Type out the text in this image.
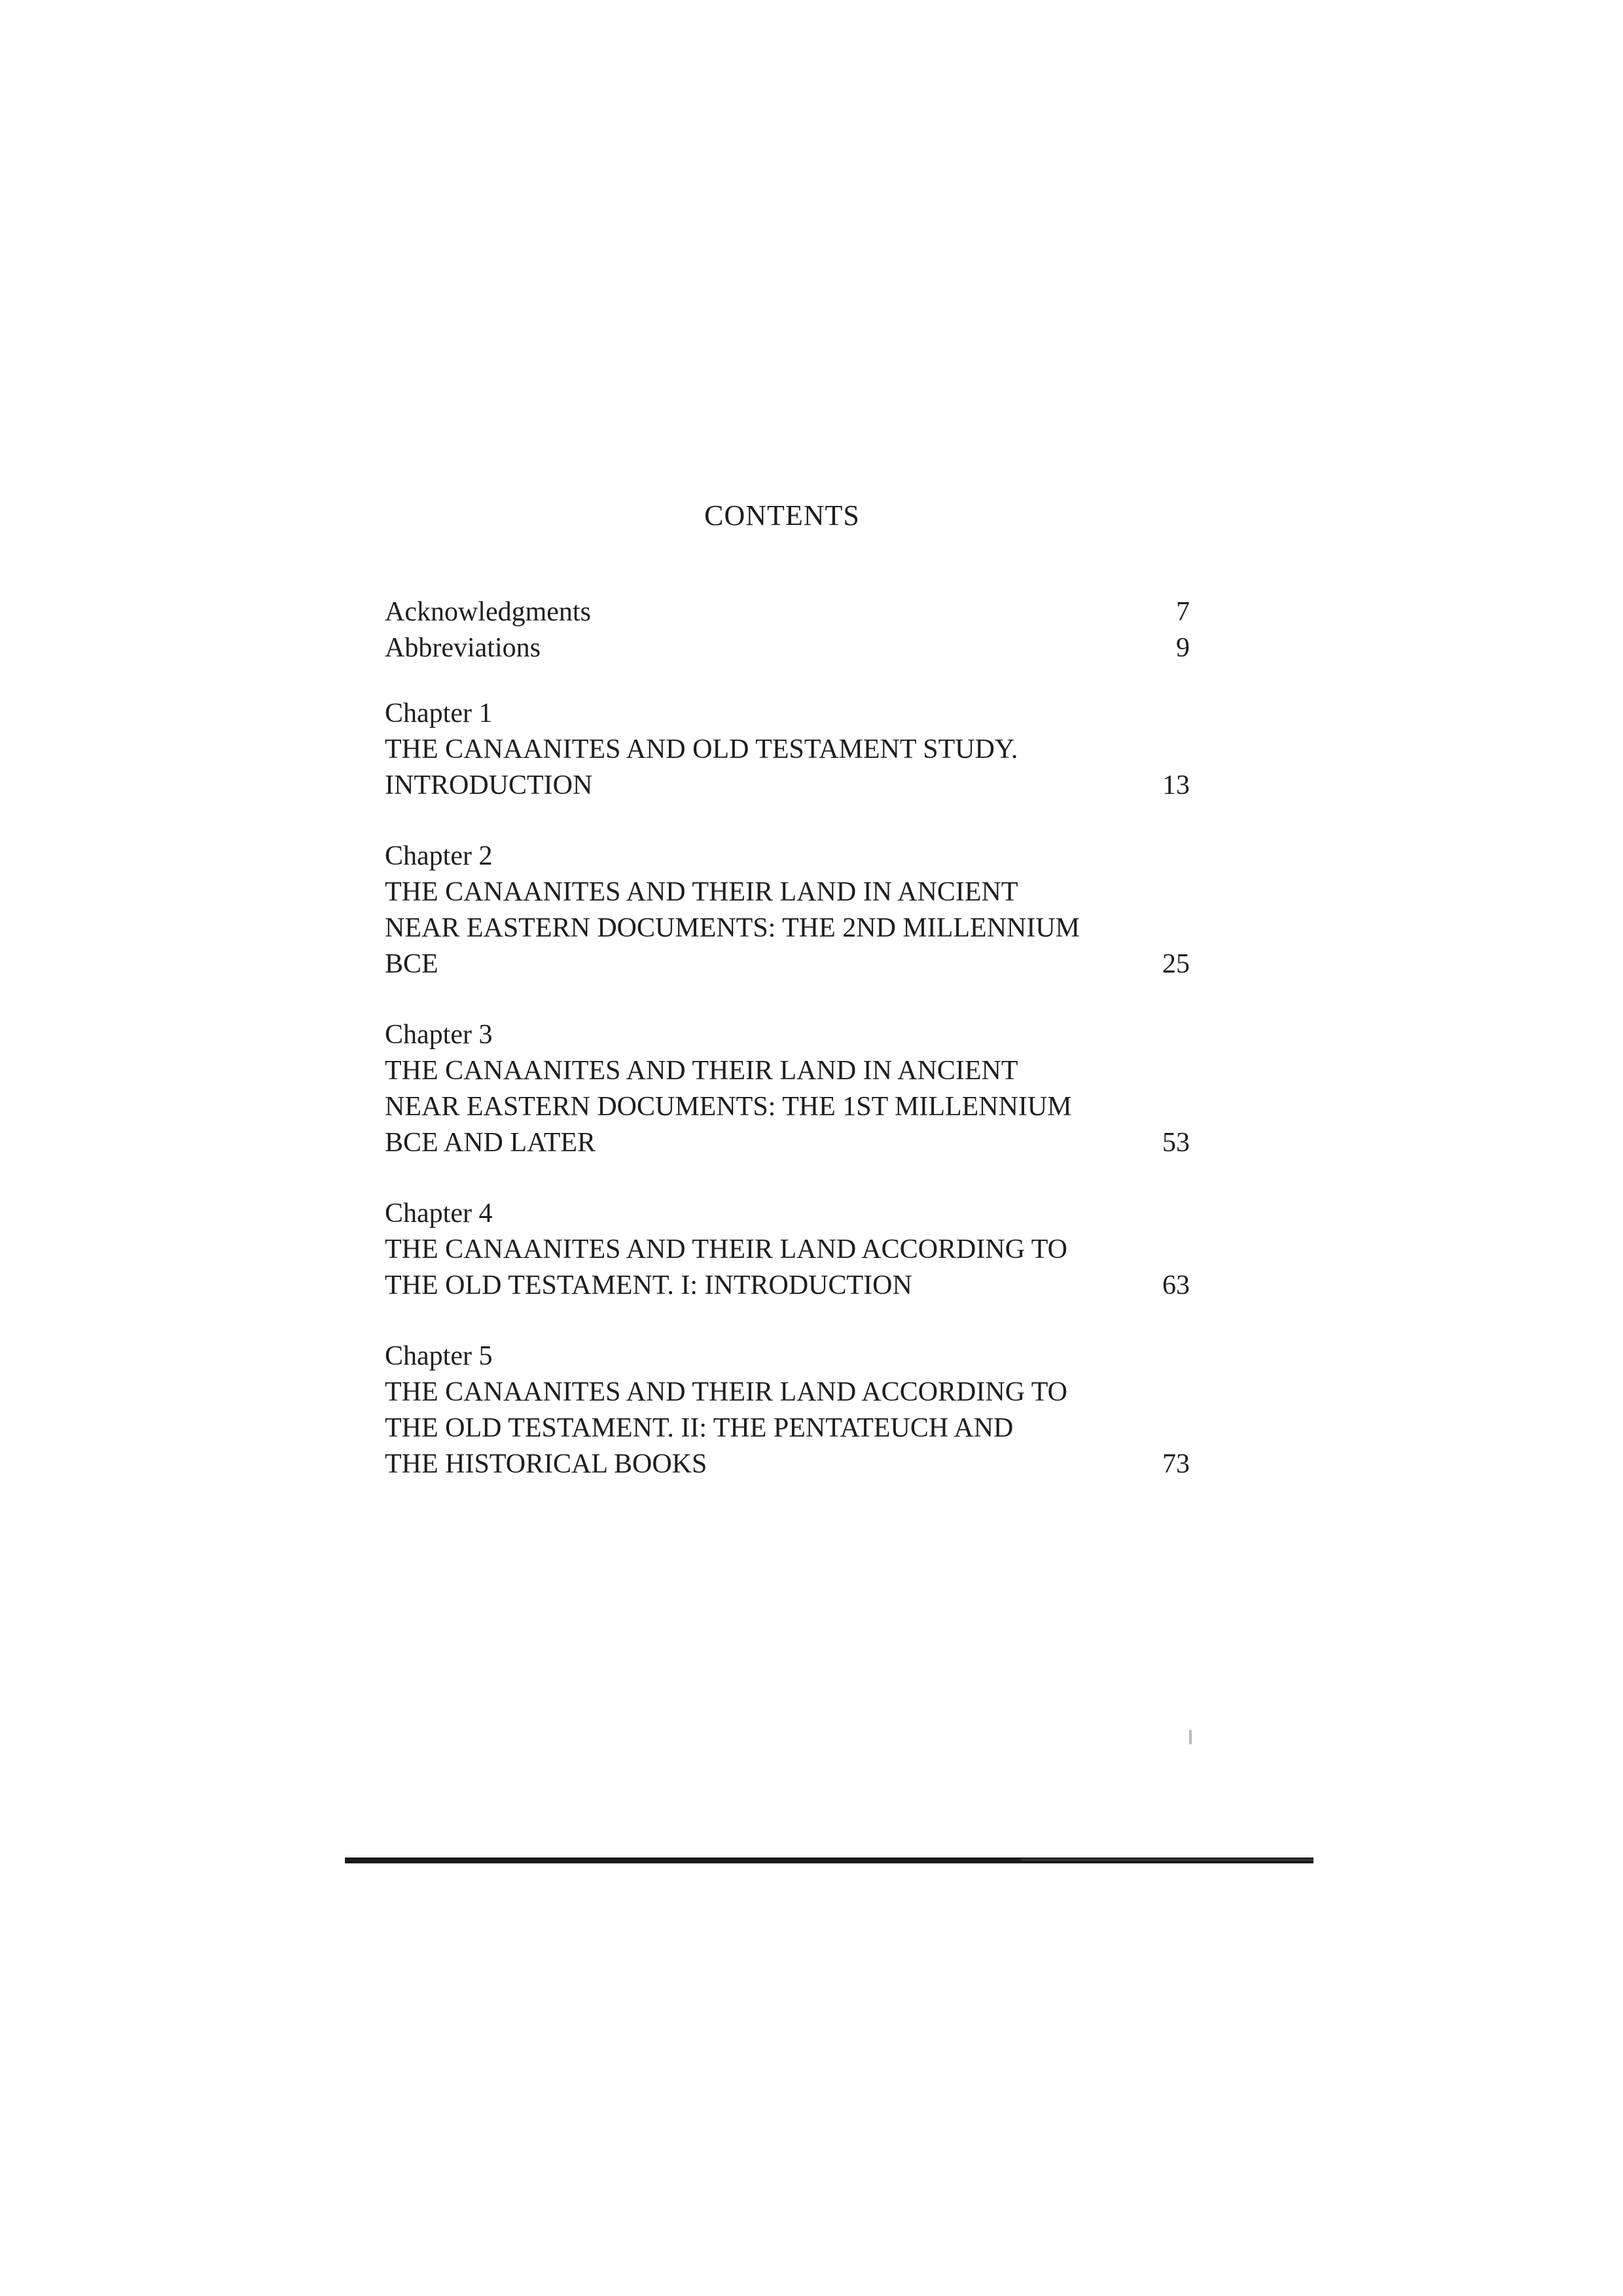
CONTENTS
Acknowledgments	7
Abbreviations	9
Chapter 1
THE CANAANITES AND OLD TESTAMENT STUDY.
INTRODUCTION	13
Chapter 2
THE CANAANITES AND THEIR LAND IN ANCIENT
NEAR EASTERN DOCUMENTS: THE 2ND MILLENNIUM
BCE	25
Chapter 3
THE CANAANITES AND THEIR LAND IN ANCIENT
NEAR EASTERN DOCUMENTS: THE 1ST MILLENNIUM
BCE AND LATER	53
Chapter 4
THE CANAANITES AND THEIR LAND ACCORDING TO
THE OLD TESTAMENT. I: INTRODUCTION	63
Chapter 5
THE CANAANITES AND THEIR LAND ACCORDING TO
THE OLD TESTAMENT. II: THE PENTATEUCH AND
THE HISTORICAL BOOKS	73
